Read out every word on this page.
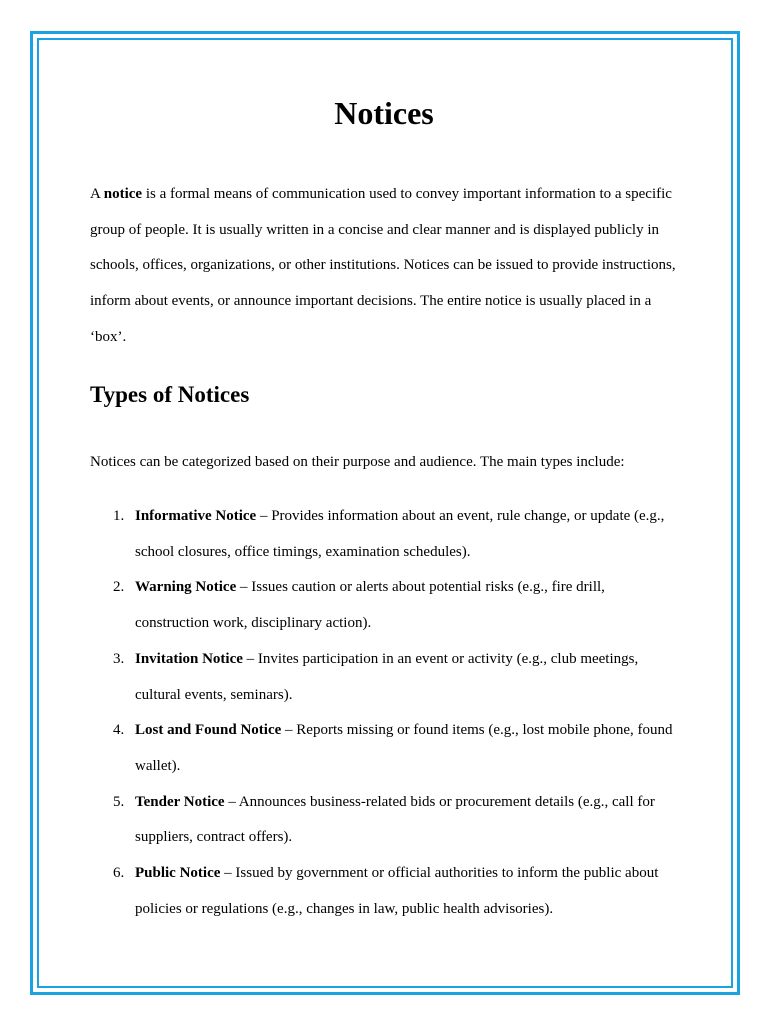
Notices

A notice is a formal means of communication used to convey important information to a specific group of people. It is usually written in a concise and clear manner and is displayed publicly in schools, offices, organizations, or other institutions. Notices can be issued to provide instructions, inform about events, or announce important decisions. The entire notice is usually placed in a ‘box’.

Types of Notices

Notices can be categorized based on their purpose and audience. The main types include:

1. Informative Notice – Provides information about an event, rule change, or update (e.g., school closures, office timings, examination schedules).
2. Warning Notice – Issues caution or alerts about potential risks (e.g., fire drill, construction work, disciplinary action).
3. Invitation Notice – Invites participation in an event or activity (e.g., club meetings, cultural events, seminars).
4. Lost and Found Notice – Reports missing or found items (e.g., lost mobile phone, found wallet).
5. Tender Notice – Announces business-related bids or procurement details (e.g., call for suppliers, contract offers).
6. Public Notice – Issued by government or official authorities to inform the public about policies or regulations (e.g., changes in law, public health advisories).
